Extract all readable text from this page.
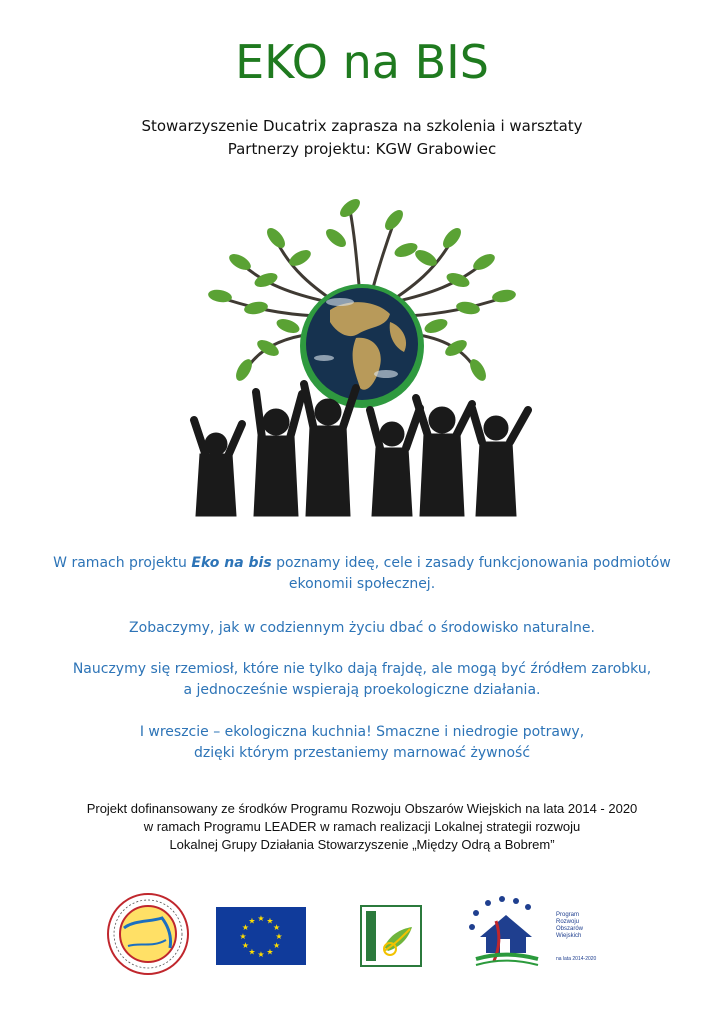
EKO na BIS
Stowarzyszenie Ducatrix zaprasza na szkolenia i warsztaty
Partnerzy projektu: KGW Grabowiec
W ramach projektu Eko na bis poznamy ideę, cele i zasady funkcjonowania podmiotów
ekonomii społecznej.
Zobaczymy, jak w codziennym życiu dbać o środowisko naturalne.
Nauczymy się rzemiosł, które nie tylko dają frajdę, ale mogą być źródłem zarobku,
a jednocześnie wspierają proekologiczne działania.
I wreszcie – ekologiczna kuchnia! Smaczne i niedrogie potrawy,
dzięki którym przestaniemy marnować żywność
Projekt dofinansowany ze środków Programu Rozwoju Obszarów Wiejskich na lata 2014 - 2020
w ramach Programu LEADER w ramach realizacji Lokalnej strategii rozwoju
Lokalnej Grupy Działania Stowarzyszenie „Między Odrą a Bobrem”
★
★
★
★
★
★
★
★
★ ★ ★
★
Program
Rozwoju
Obszarów
Wiejskich
na lata 2014-2020
